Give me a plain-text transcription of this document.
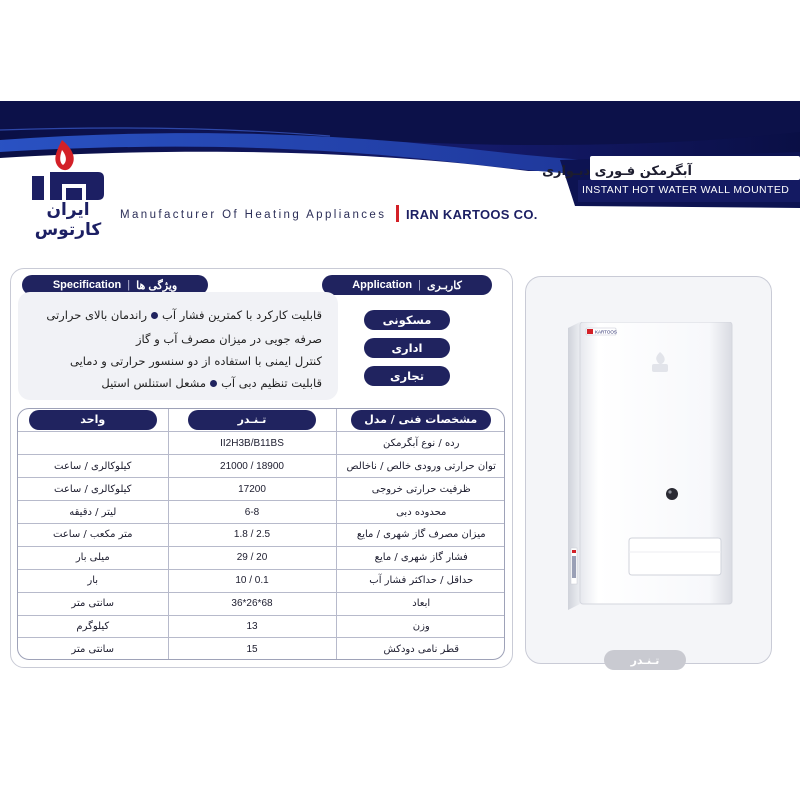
ایران کارتوس
Manufacturer Of Heating Appliances IRAN KARTOOS CO.
آبگرمکن فـوری دیـواری
INSTANT HOT WATER WALL MOUNTED
ویژگی ها
|
Specification	کاربـری
|
Application
قابلیت کارکرد با کمترین فشار آبراندمان بالای حرارتی
صرفه جویی در میزان مصرف آب و گاز
کنترل ایمنی با استفاده از دو سنسور حرارتی و دمایی
قابلیت تنظیم دبی آبمشعل استنلس استیل
مسکونی
اداری
تجاری
واحد	تـنـدر	مشخصات فنی / مدل
	II2H3B/B11BS	رده / نوع آبگرمکن
کیلوکالری / ساعت	21000 / 18900	توان حرارتی ورودی خالص / ناخالص
کیلوکالری / ساعت	17200	ظرفیت حرارتی خروجی
لیتر / دقیقه	6-8	محدوده دبی
متر مکعب / ساعت	1.8 / 2.5	میزان مصرف گاز شهری / مایع
میلی بار	29 / 20	فشار گاز شهری / مایع
بار	10 / 0.1	حداقل / حداکثر فشار آب
سانتی متر	36*26*68	ابعاد
کیلوگرم	13	وزن
سانتی متر	15	قطر نامی دودکش
KARTOOS
تـنـدر
